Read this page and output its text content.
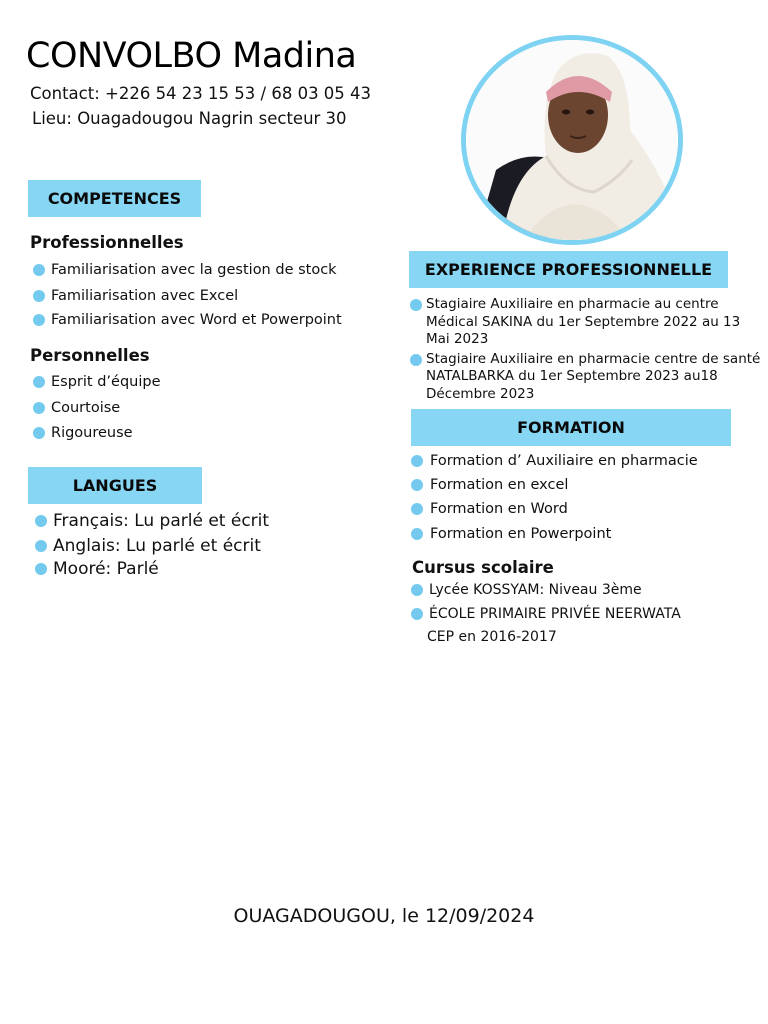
CONVOLBO Madina
Contact: +226 54 23 15 53 / 68 03 05 43
Lieu: Ouagadougou Nagrin secteur 30
COMPETENCES
Professionnelles
Familiarisation avec la gestion de stock
Familiarisation avec Excel
Familiarisation avec Word et Powerpoint
Personnelles
Esprit d’équipe
Courtoise
Rigoureuse
LANGUES
Français: Lu parlé et écrit
Anglais: Lu parlé et écrit
Mooré: Parlé
EXPERIENCE PROFESSIONNELLE
Stagiaire Auxiliaire en pharmacie au centre Médical SAKINA du 1er Septembre 2022 au 13 Mai 2023
Stagiaire Auxiliaire en pharmacie centre de santé NATALBARKA du 1er Septembre 2023 au18 Décembre 2023
FORMATION
Formation d’ Auxiliaire en pharmacie
Formation en excel
Formation en Word
Formation en Powerpoint
Cursus scolaire
Lycée KOSSYAM: Niveau 3ème
ÉCOLE PRIMAIRE PRIVÉE NEERWATA
CEP en 2016-2017
OUAGADOUGOU, le 12/09/2024
